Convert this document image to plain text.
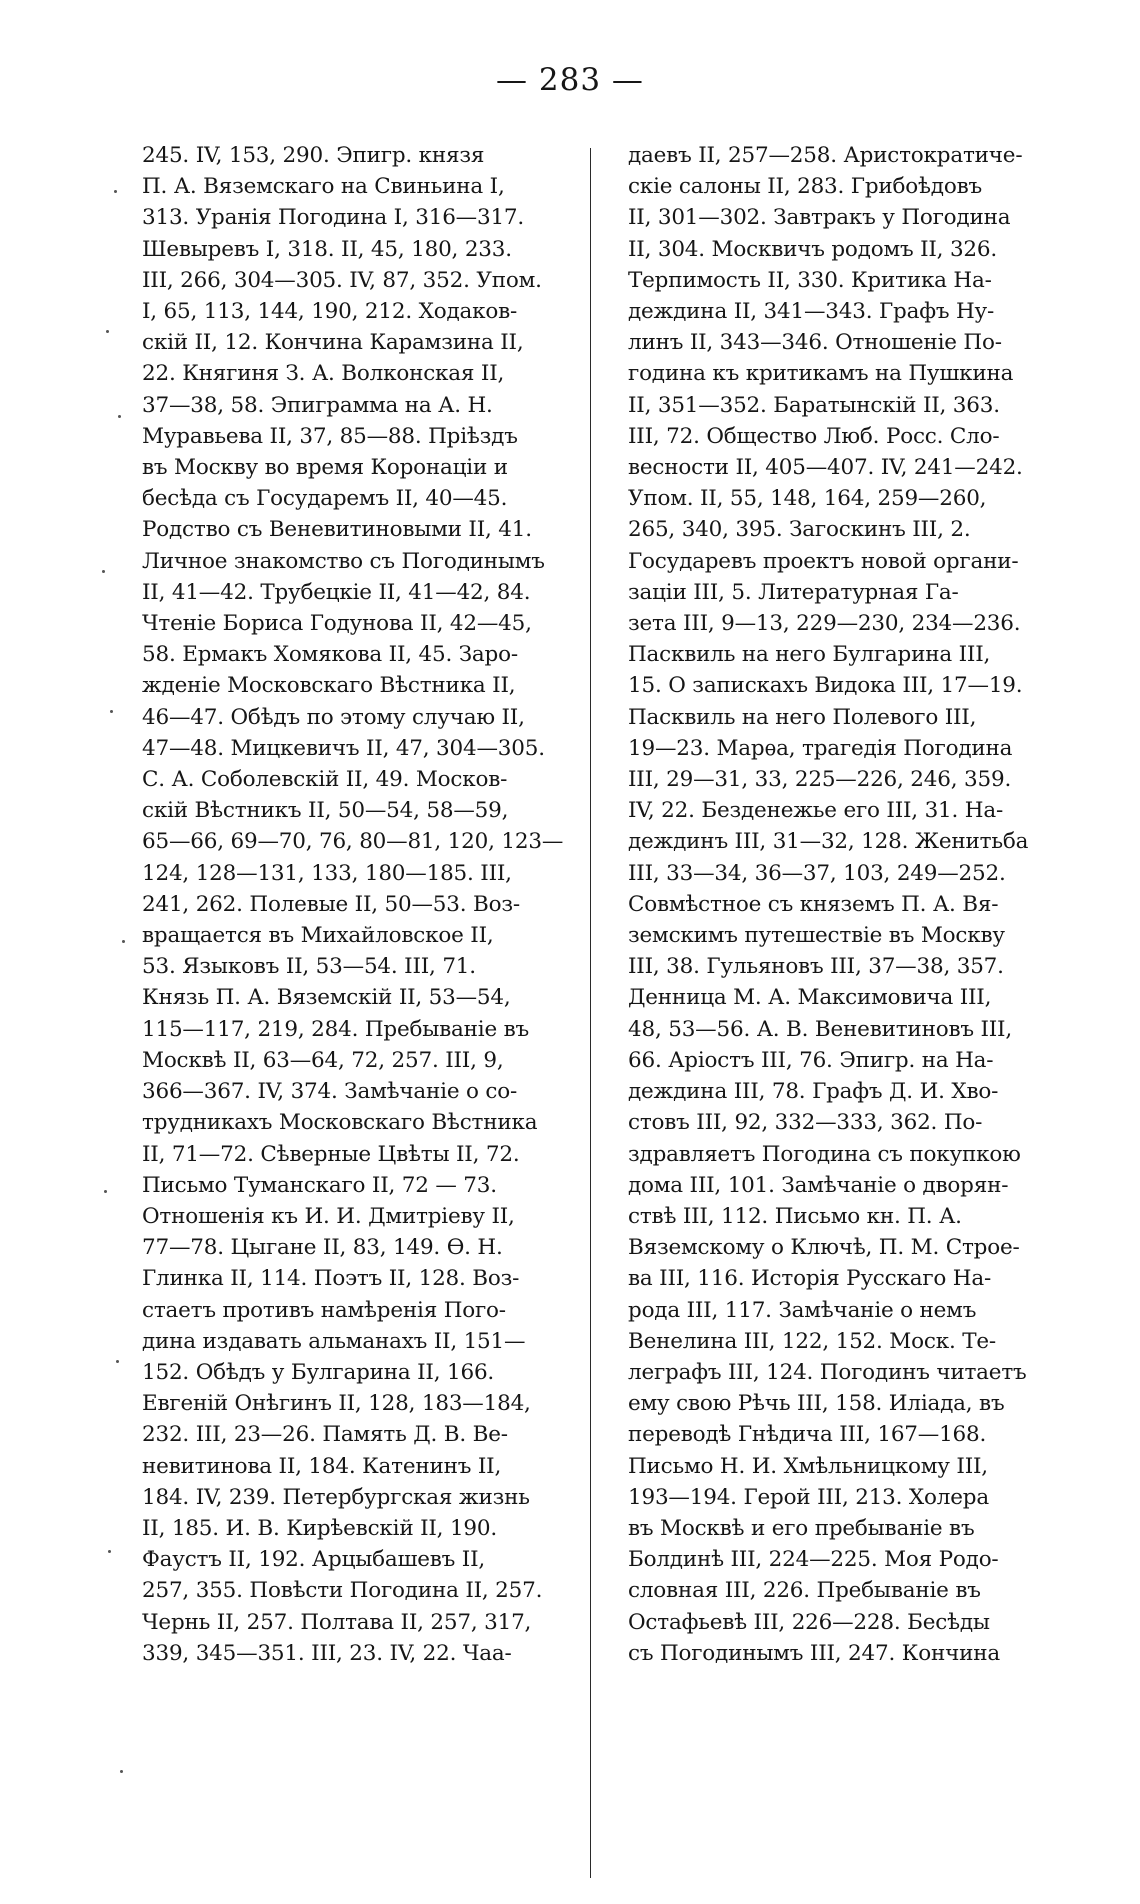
— 283 —
245. IV, 153, 290. Эпигр. князя
П. А. Вяземскаго на Свиньина I,
313. Уранія Погодина I, 316—317.
Шевыревъ I, 318. II, 45, 180, 233.
III, 266, 304—305. IV, 87, 352. Упом.
I, 65, 113, 144, 190, 212. Ходаков-
скій II, 12. Кончина Карамзина II,
22. Княгиня З. А. Волконская II,
37—38, 58. Эпиграмма на А. Н.
Муравьева II, 37, 85—88. Пріѣздъ
въ Москву во время Коронаціи и
бесѣда съ Государемъ II, 40—45.
Родство съ Веневитиновыми II, 41.
Личное знакомство съ Погодинымъ
II, 41—42. Трубецкіе II, 41—42, 84.
Чтеніе Бориса Годунова II, 42—45,
58. Ермакъ Хомякова II, 45. Заро-
жденіе Московскаго Вѣстника II,
46—47. Обѣдъ по этому случаю II,
47—48. Мицкевичъ II, 47, 304—305.
С. А. Соболевскій II, 49. Москов-
скій Вѣстникъ II, 50—54, 58—59,
65—66, 69—70, 76, 80—81, 120, 123—
124, 128—131, 133, 180—185. III,
241, 262. Полевые II, 50—53. Воз-
вращается въ Михайловское II,
53. Языковъ II, 53—54. III, 71.
Князь П. А. Вяземскій II, 53—54,
115—117, 219, 284. Пребываніе въ
Москвѣ II, 63—64, 72, 257. III, 9,
366—367. IV, 374. Замѣчаніе о со-
трудникахъ Московскаго Вѣстника
II, 71—72. Сѣверные Цвѣты II, 72.
Письмо Туманскаго II, 72 — 73.
Отношенія къ И. И. Дмитріеву II,
77—78. Цыгане II, 83, 149. Ѳ. Н.
Глинка II, 114. Поэтъ II, 128. Воз-
стаетъ противъ намѣренія Пого-
дина издавать альманахъ II, 151—
152. Обѣдъ у Булгарина II, 166.
Евгеній Онѣгинъ II, 128, 183—184,
232. III, 23—26. Память Д. В. Ве-
невитинова II, 184. Катенинъ II,
184. IV, 239. Петербургская жизнь
II, 185. И. В. Кирѣевскій II, 190.
Фаустъ II, 192. Арцыбашевъ II,
257, 355. Повѣсти Погодина II, 257.
Чернь II, 257. Полтава II, 257, 317,
339, 345—351. III, 23. IV, 22. Чаа-
даевъ II, 257—258. Аристократиче-
скіе салоны II, 283. Грибоѣдовъ
II, 301—302. Завтракъ у Погодина
II, 304. Москвичъ родомъ II, 326.
Терпимость II, 330. Критика На-
деждина II, 341—343. Графъ Ну-
линъ II, 343—346. Отношеніе По-
година къ критикамъ на Пушкина
II, 351—352. Баратынскій II, 363.
III, 72. Общество Люб. Росс. Сло-
весности II, 405—407. IV, 241—242.
Упом. II, 55, 148, 164, 259—260,
265, 340, 395. Загоскинъ III, 2.
Государевъ проектъ новой органи-
заціи III, 5. Литературная Га-
зета III, 9—13, 229—230, 234—236.
Пасквиль на него Булгарина III,
15. О запискахъ Видока III, 17—19.
Пасквиль на него Полевого III,
19—23. Марѳа, трагедія Погодина
III, 29—31, 33, 225—226, 246, 359.
IV, 22. Безденежье его III, 31. На-
деждинъ III, 31—32, 128. Женитьба
III, 33—34, 36—37, 103, 249—252.
Совмѣстное съ княземъ П. А. Вя-
земскимъ путешествіе въ Москву
III, 38. Гульяновъ III, 37—38, 357.
Денница М. А. Максимовича III,
48, 53—56. А. В. Веневитиновъ III,
66. Аріостъ III, 76. Эпигр. на На-
деждина III, 78. Графъ Д. И. Хво-
стовъ III, 92, 332—333, 362. По-
здравляетъ Погодина съ покупкою
дома III, 101. Замѣчаніе о дворян-
ствѣ III, 112. Письмо кн. П. А.
Вяземскому о Ключѣ, П. М. Строе-
ва III, 116. Исторія Русскаго На-
рода III, 117. Замѣчаніе о немъ
Венелина III, 122, 152. Моск. Те-
леграфъ III, 124. Погодинъ читаетъ
ему свою Рѣчь III, 158. Иліада, въ
переводѣ Гнѣдича III, 167—168.
Письмо Н. И. Хмѣльницкому III,
193—194. Герой III, 213. Холера
въ Москвѣ и его пребываніе въ
Болдинѣ III, 224—225. Моя Родо-
словная III, 226. Пребываніе въ
Остафьевѣ III, 226—228. Бесѣды
съ Погодинымъ III, 247. Кончина
